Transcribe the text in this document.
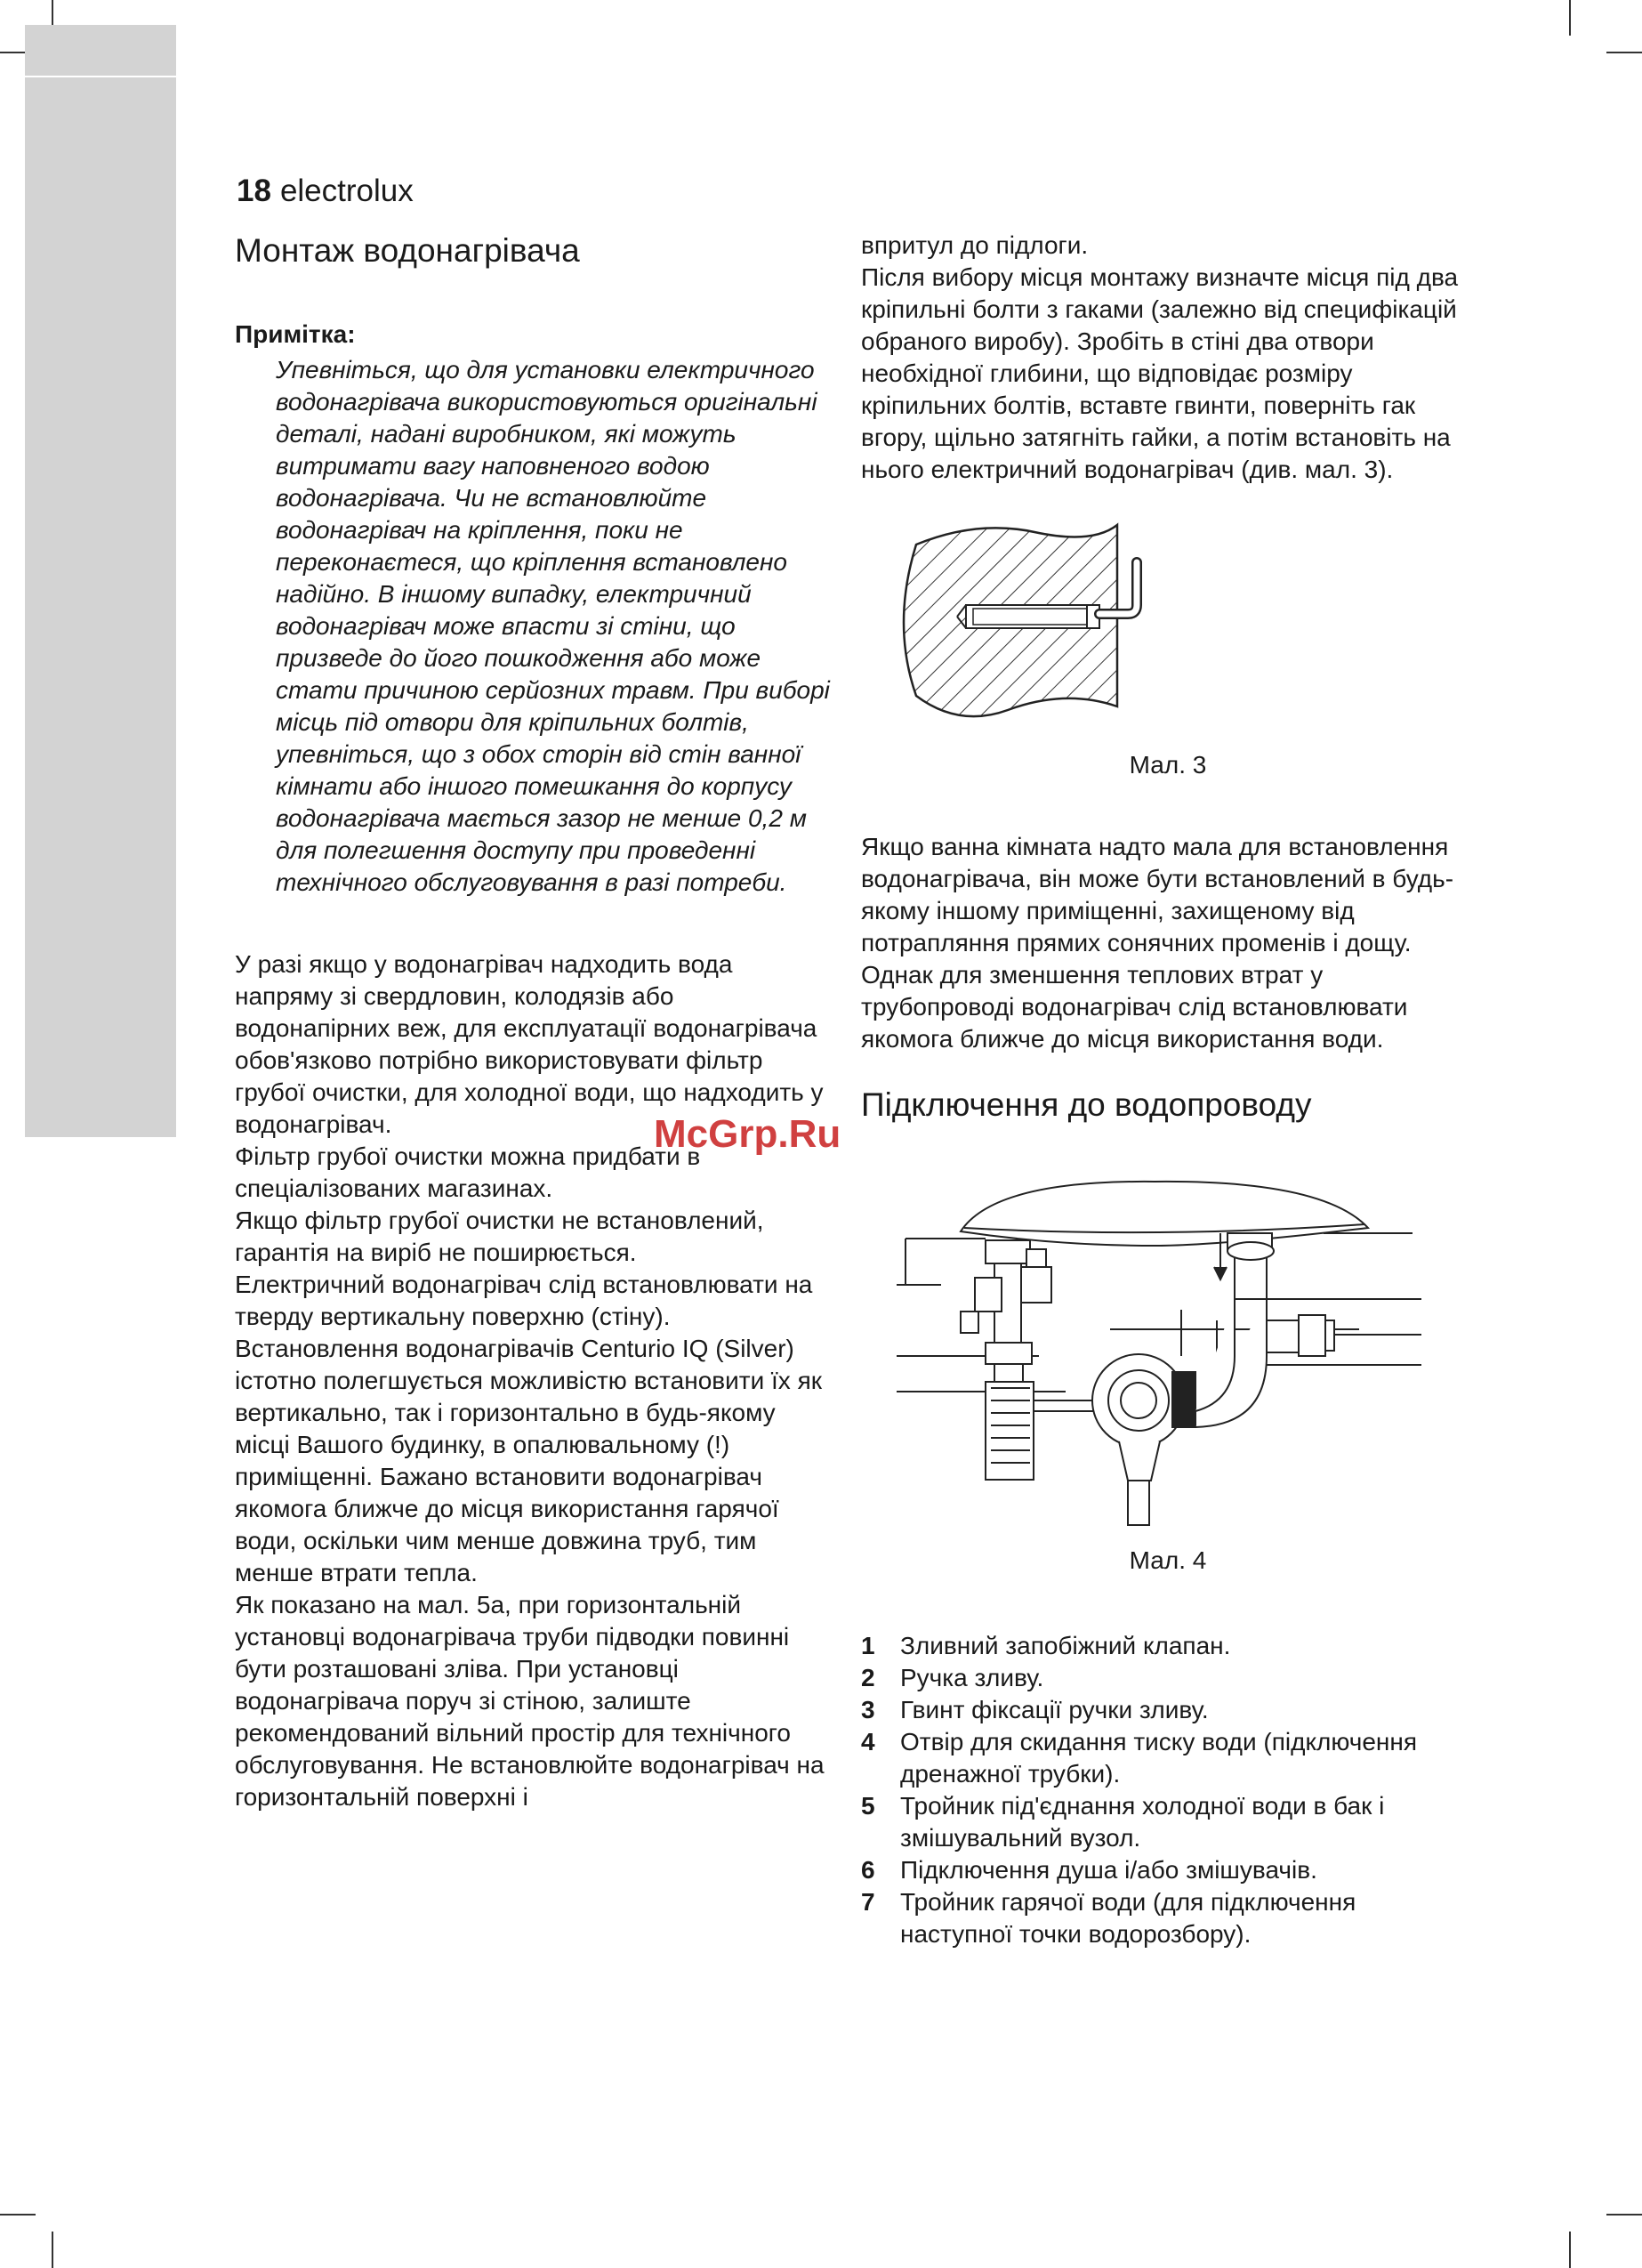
18 electrolux
Монтаж водонагрівача
Примітка:

Упевніться, що для установки електричного водонагрівача використовуються оригінальні деталі, надані виробником, які можуть витримати вагу наповненого водою водонагрівача. Чи не встановлюйте водонагрівач на кріплення, поки не переконаєтеся, що кріплення встановлено надійно. В іншому випадку, електричний водонагрівач може впасти зі стіни, що призведе до його пошкодження або може стати причиною серйозних травм. При виборі місць під отвори для кріпильних болтів, упевніться, що з обох сторін від стін ванної кімнати або іншого помешкання до корпусу водонагрівача мається зазор не менше 0,2 м для полегшення доступу при проведенні технічного обслуговування в разі потреби.

У разі якщо у водонагрівач надходить вода напряму зі свердловин, колодязів або водонапірних веж, для експлуатації водонагрівача обов'язково потрібно використовувати фільтр грубої очистки, для холодної води, що надходить у водонагрівач.

Фільтр грубої очистки можна придбати в спеціалізованих магазинах.

Якщо фільтр грубої очистки не встановлений, гарантія на виріб не поширюється.

Електричний водонагрівач слід встановлювати на тверду вертикальну поверхню (стіну). Встановлення водонагрівачів Centurio IQ (Silver) істотно полегшується можливістю встановити їх як вертикально, так і горизонтально в будь-якому місці Вашого будинку, в опалювальному (!) приміщенні. Бажано встановити водонагрівач якомога ближче до місця використання гарячої води, оскільки чим менше довжина труб, тим менше втрати тепла.

Як показано на мал. 5a, при горизонтальній установці водонагрівача труби підводки повинні бути розташовані зліва. При установці водонагрівача поруч зі стіною, залиште рекомендований вільний простір для технічного обслуговування. Не встановлюйте водонагрівач на горизонтальній поверхні і

впритул до підлоги.

Після вибору місця монтажу визначте місця під два кріпильні болти з гаками (залежно від специфікацій обраного виробу). Зробіть в стіні два отвори необхідної глибини, що відповідає розміру кріпильних болтів, вставте гвинти, поверніть гак вгору, щільно затягніть гайки, а потім встановіть на нього електричний водонагрівач (див. мал. 3).

Мал. 3

Якщо ванна кімната надто мала для встановлення водонагрівача, він може бути встановлений в будь-якому іншому приміщенні, захищеному від потрапляння прямих сонячних променів і дощу. Однак для зменшення теплових втрат у трубопроводі водонагрівач слід встановлювати якомога ближче до місця використання води.

Підключення до водопроводу

Мал. 4

1	Зливний запобіжний клапан.
2	Ручка зливу.
3	Гвинт фіксації ручки зливу.
4	Отвір для скидання тиску води (підключення дренажної трубки).
5	Тройник під'єднання холодної води в бак і змішувальний вузол.
6	Підключення душа і/або змішувачів.
7	Тройник гарячої води (для підключення наступної точки водорозбору).
McGrp.Ru
